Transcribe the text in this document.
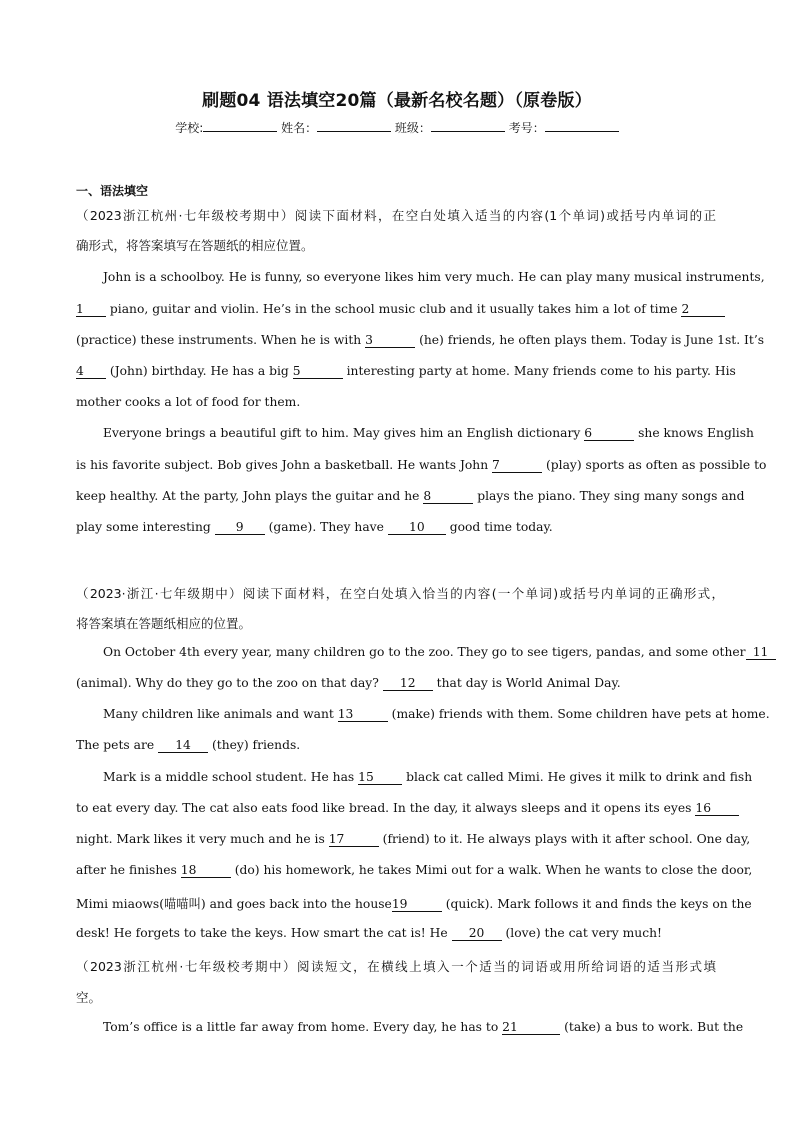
刷题04 语法填空20篇（最新名校名题）（原卷版）
学校:	姓名：	班级：	考号：
一、语法填空
（2023浙江杭州·七年级校考期中）阅读下面材料，在空白处填入适当的内容(1个单词)或括号内单词的正
确形式，将答案填写在答题纸的相应位置。
John is a schoolboy. He is funny, so everyone likes him very much. He can play many musical instruments,
1 piano, guitar and violin. He’s in the school music club and it usually takes him a lot of time 2
(practice) these instruments. When he is with 3	(he) friends, he often plays them. Today is June 1st. It’s
4 (John) birthday. He has a big 5	interesting party at home. Many friends come to his party. His
mother cooks a lot of food for them.
Everyone brings a beautiful gift to him. May gives him an English dictionary 6	she knows English
is his favorite subject. Bob gives John a basketball. He wants John 7	(play) sports as often as possible to
keep healthy. At the party, John plays the guitar and he 8	plays the piano. They sing many songs and
play some interesting 9 (game). They have 10 good time today.
（2023·浙江·七年级期中）阅读下面材料，在空白处填入恰当的内容(一个单词)或括号内单词的正确形式，
将答案填在答题纸相应的位置。
On October 4th every year, many children go to the zoo. They go to see tigers, pandas, and some other 11
(animal). Why do they go to the zoo on that day? 12 that day is World Animal Day.
Many children like animals and want 13	(make) friends with them. Some children have pets at home.
The pets are 14 (they) friends.
Mark is a middle school student. He has 15	black cat called Mimi. He gives it milk to drink and fish
to eat every day. The cat also eats food like bread. In the day, it always sleeps and it opens its eyes 16
night. Mark likes it very much and he is 17	(friend) to it. He always plays with it after school. One day,
after he finishes 18	(do) his homework, he takes Mimi out for a walk. When he wants to close the door,
Mimi miaows(喵喵叫) and goes back into the house19	(quick). Mark follows it and finds the keys on the
desk! He forgets to take the keys. How smart the cat is! He 20 (love) the cat very much!
（2023浙江杭州·七年级校考期中）阅读短文，在横线上填入一个适当的词语或用所给词语的适当形式填
空。
Tom’s office is a little far away from home. Every day, he has to 21	(take) a bus to work. But the
